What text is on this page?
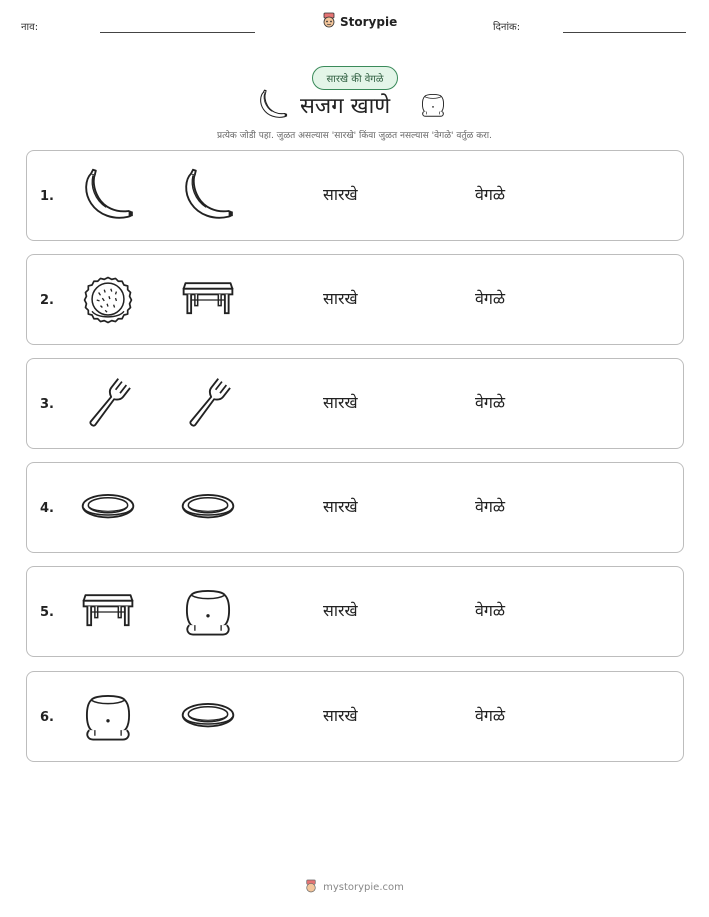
नाव:	Storypie	दिनांक:
सारखे की वेगळे
सजग खाणे
प्रत्येक जोडी पहा. जुळत असल्यास 'सारखे' किंवा जुळत नसल्यास 'वेगळे' वर्तुळ करा.
1.	सारखे	वेगळे
2.	सारखे	वेगळे
3.	सारखे	वेगळे
4.	सारखे	वेगळे
5.	सारखे	वेगळे
6.	सारखे	वेगळे
mystorypie.com
